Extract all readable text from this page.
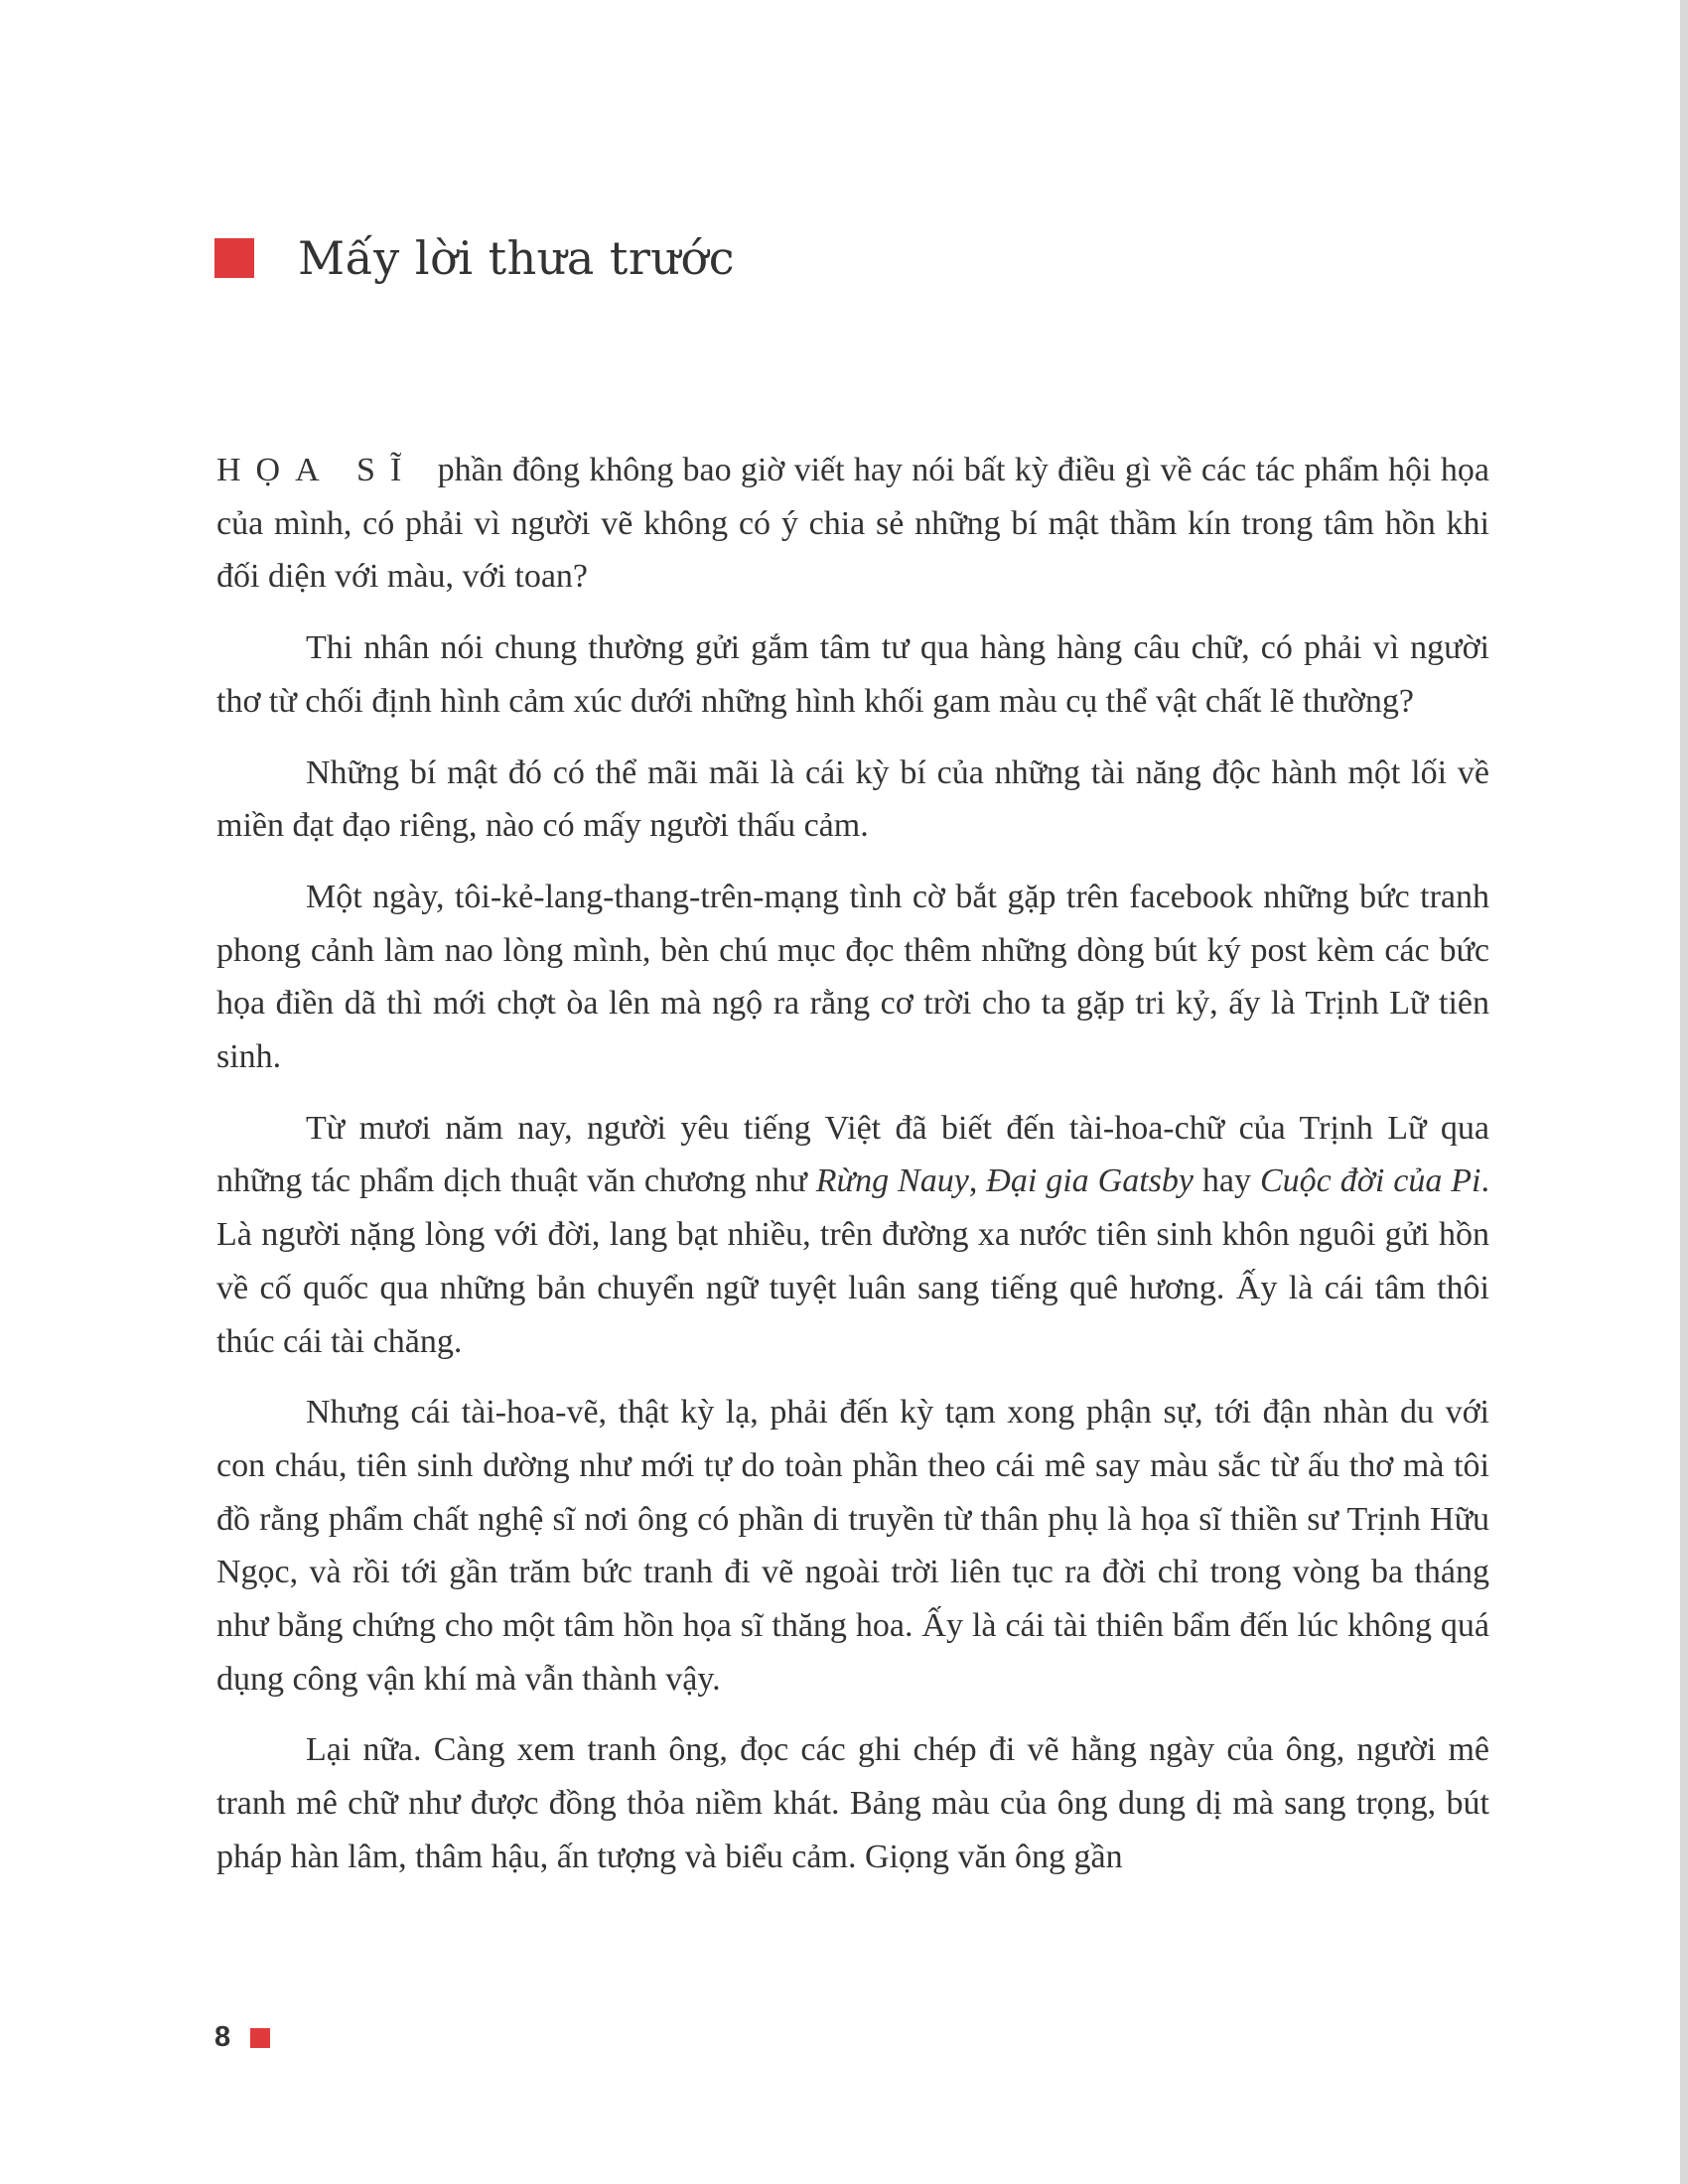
Mấy lời thưa trước

HỌA SĨ phần đông không bao giờ viết hay nói bất kỳ điều gì về các tác phẩm hội họa của mình, có phải vì người vẽ không có ý chia sẻ những bí mật thầm kín trong tâm hồn khi đối diện với màu, với toan?

Thi nhân nói chung thường gửi gắm tâm tư qua hàng hàng câu chữ, có phải vì người thơ từ chối định hình cảm xúc dưới những hình khối gam màu cụ thể vật chất lẽ thường?

Những bí mật đó có thể mãi mãi là cái kỳ bí của những tài năng độc hành một lối về miền đạt đạo riêng, nào có mấy người thấu cảm.

Một ngày, tôi-kẻ-lang-thang-trên-mạng tình cờ bắt gặp trên facebook những bức tranh phong cảnh làm nao lòng mình, bèn chú mục đọc thêm những dòng bút ký post kèm các bức họa điền dã thì mới chợt òa lên mà ngộ ra rằng cơ trời cho ta gặp tri kỷ, ấy là Trịnh Lữ tiên sinh.

Từ mươi năm nay, người yêu tiếng Việt đã biết đến tài-hoa-chữ của Trịnh Lữ qua những tác phẩm dịch thuật văn chương như Rừng Nauy, Đại gia Gatsby hay Cuộc đời của Pi. Là người nặng lòng với đời, lang bạt nhiều, trên đường xa nước tiên sinh khôn nguôi gửi hồn về cố quốc qua những bản chuyển ngữ tuyệt luân sang tiếng quê hương. Ấy là cái tâm thôi thúc cái tài chăng.

Nhưng cái tài-hoa-vẽ, thật kỳ lạ, phải đến kỳ tạm xong phận sự, tới đận nhàn du với con cháu, tiên sinh dường như mới tự do toàn phần theo cái mê say màu sắc từ ấu thơ mà tôi đồ rằng phẩm chất nghệ sĩ nơi ông có phần di truyền từ thân phụ là họa sĩ thiền sư Trịnh Hữu Ngọc, và rồi tới gần trăm bức tranh đi vẽ ngoài trời liên tục ra đời chỉ trong vòng ba tháng như bằng chứng cho một tâm hồn họa sĩ thăng hoa. Ấy là cái tài thiên bẩm đến lúc không quá dụng công vận khí mà vẫn thành vậy.

Lại nữa. Càng xem tranh ông, đọc các ghi chép đi vẽ hằng ngày của ông, người mê tranh mê chữ như được đồng thỏa niềm khát. Bảng màu của ông dung dị mà sang trọng, bút pháp hàn lâm, thâm hậu, ấn tượng và biểu cảm. Giọng văn ông gần

8
